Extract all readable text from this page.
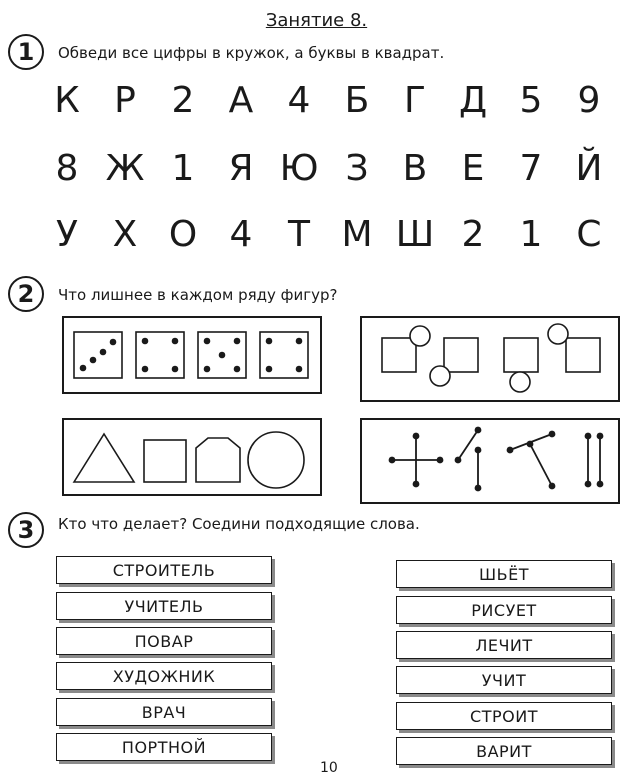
Занятие 8.
1	Обведи все цифры в кружок, а буквы в квадрат.
К Р 2 А 4 Б Г Д 5 9
8 Ж 1 Я Ю З В Е 7 Й
У Х О 4 Т М Ш 2 1 С
2	Что лишнее в каждом ряду фигур?
3	Кто что делает? Соедини подходящие слова.
СТРОИТЕЛЬ
УЧИТЕЛЬ
ПОВАР
ХУДОЖНИК
ВРАЧ
ПОРТНОЙ
ШЬЁТ
РИСУЕТ
ЛЕЧИТ
УЧИТ
СТРОИТ
ВАРИТ
10
